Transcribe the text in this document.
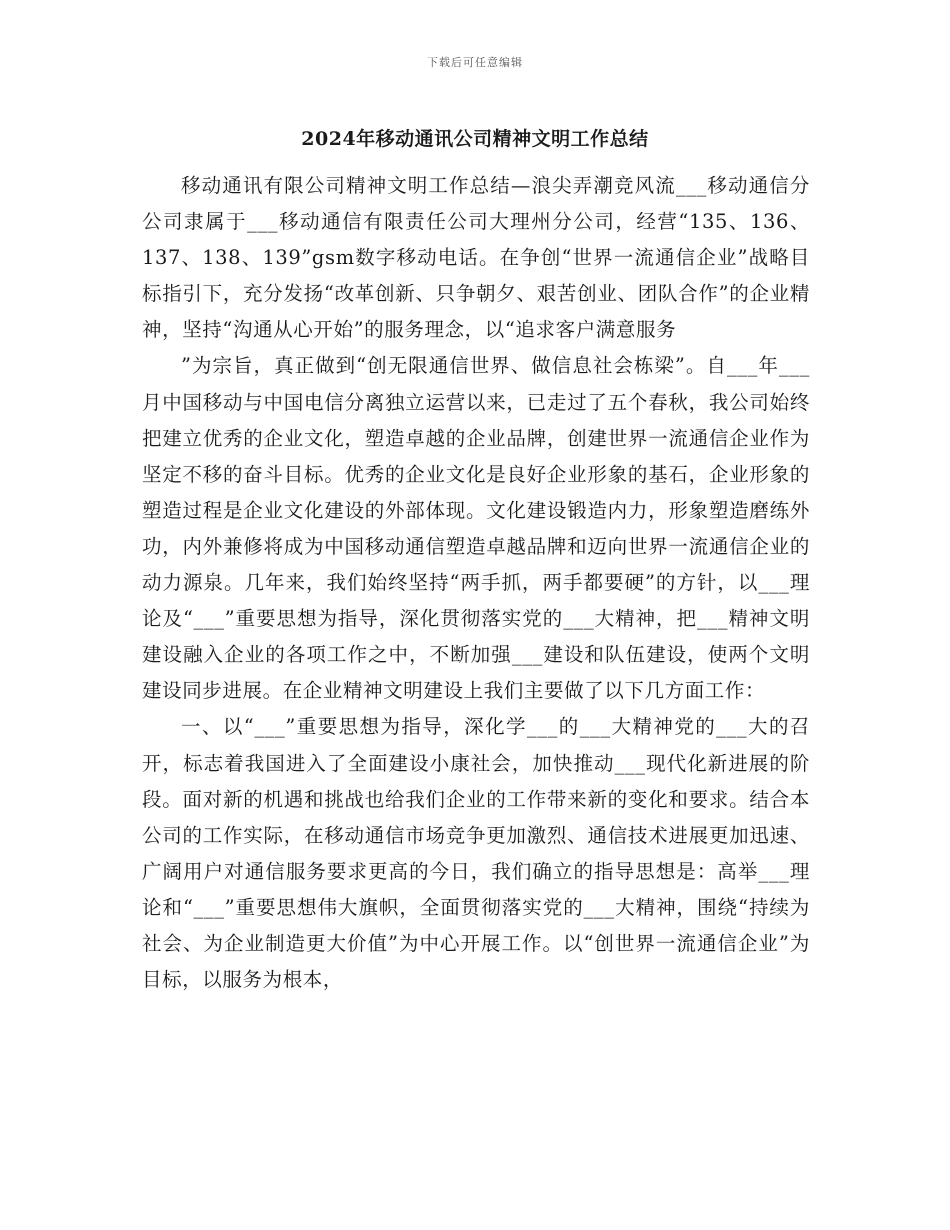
下载后可任意编辑
2024年移动通讯公司精神文明工作总结

移动通讯有限公司精神文明工作总结—浪尖弄潮竞风流___移动通信分公司隶属于___移动通信有限责任公司大理州分公司，经营“135、136、137、138、139”gsm数字移动电话。在争创“世界一流通信企业”战略目标指引下，充分发扬“改革创新、只争朝夕、艰苦创业、团队合作”的企业精神，坚持“沟通从心开始”的服务理念，以“追求客户满意服务

”为宗旨，真正做到“创无限通信世界、做信息社会栋梁”。自___年___月中国移动与中国电信分离独立运营以来，已走过了五个春秋，我公司始终把建立优秀的企业文化，塑造卓越的企业品牌，创建世界一流通信企业作为坚定不移的奋斗目标。优秀的企业文化是良好企业形象的基石，企业形象的塑造过程是企业文化建设的外部体现。文化建设锻造内力，形象塑造磨练外功，内外兼修将成为中国移动通信塑造卓越品牌和迈向世界一流通信企业的动力源泉。几年来，我们始终坚持“两手抓，两手都要硬”的方针，以___理论及“___”重要思想为指导，深化贯彻落实党的___大精神，把___精神文明建设融入企业的各项工作之中，不断加强___建设和队伍建设，使两个文明建设同步进展。在企业精神文明建设上我们主要做了以下几方面工作：

一、以“___”重要思想为指导，深化学___的___大精神党的___大的召开，标志着我国进入了全面建设小康社会，加快推动___现代化新进展的阶段。面对新的机遇和挑战也给我们企业的工作带来新的变化和要求。结合本公司的工作实际，在移动通信市场竞争更加激烈、通信技术进展更加迅速、广阔用户对通信服务要求更高的今日，我们确立的指导思想是：高举___理论和“___”重要思想伟大旗帜，全面贯彻落实党的___大精神，围绕“持续为社会、为企业制造更大价值”为中心开展工作。以“创世界一流通信企业”为目标，以服务为根本，
